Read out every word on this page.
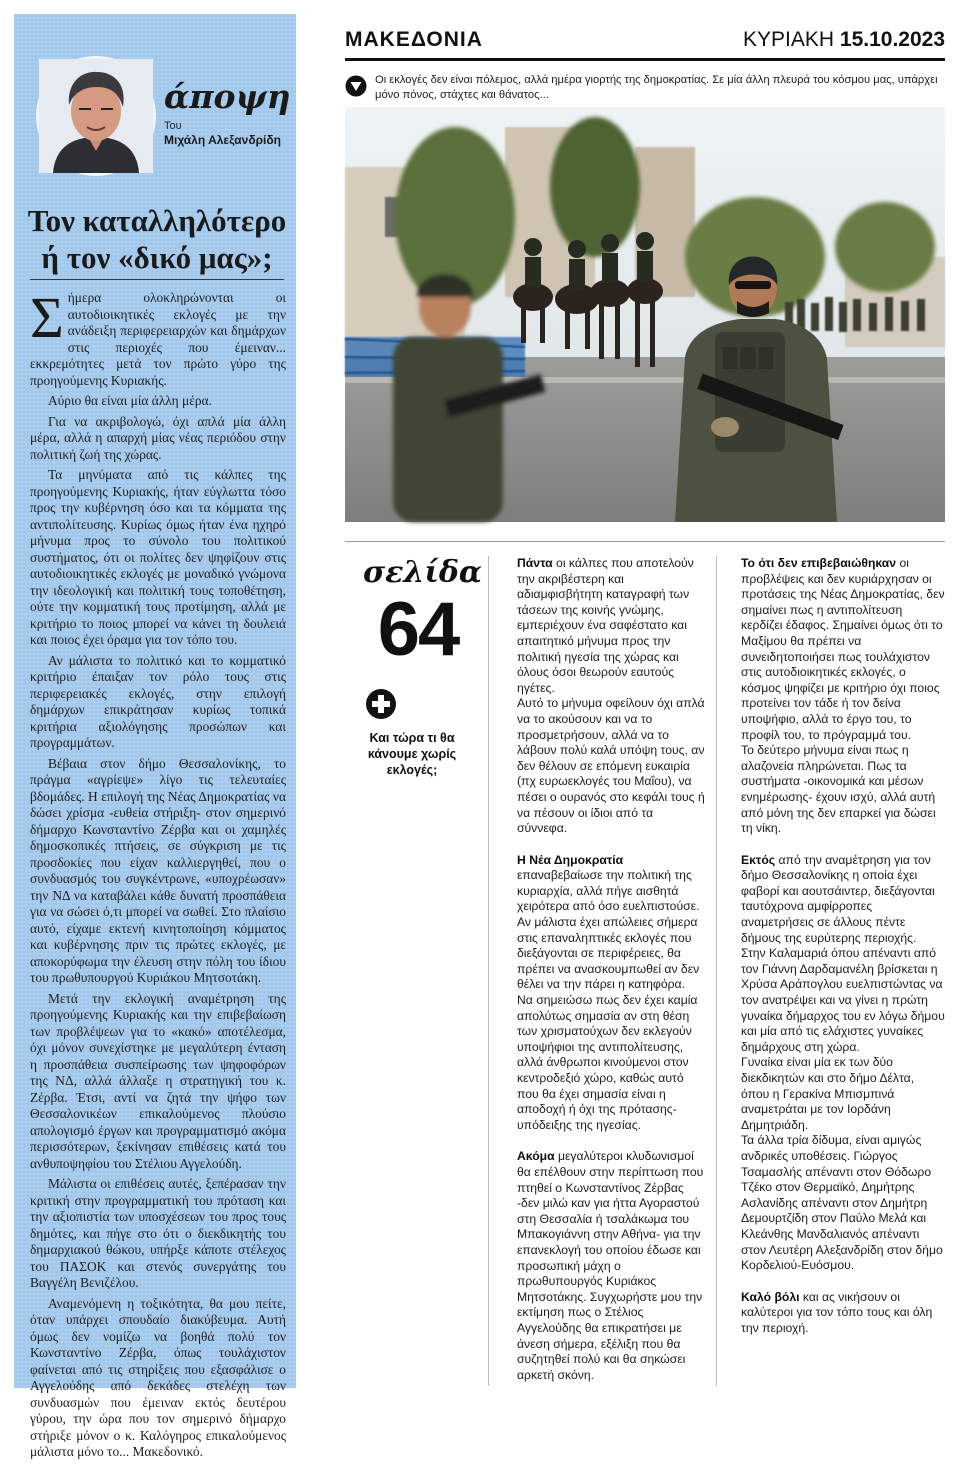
άποψη
Του
Μιχάλη Αλεξανδρίδη
Τον καταλληλότερο
ή τον «δικό μας»;

Σήμερα ολοκληρώνονται οι αυτοδιοικητικές εκλογές με την ανάδειξη περιφερειαρχών και δημάρχων στις περιοχές που έμειναν... εκκρεμότητες μετά τον πρώτο γύρο της προηγούμενης Κυριακής.

Αύριο θα είναι μία άλλη μέρα.

Για να ακριβολογώ, όχι απλά μία άλλη μέρα, αλλά η απαρχή μίας νέας περιόδου στην πολιτική ζωή της χώρας.

Τα μηνύματα από τις κάλπες της προηγούμενης Κυριακής, ήταν εύγλωττα τόσο προς την κυβέρνηση όσο και τα κόμματα της αντιπολίτευσης. Κυρίως όμως ήταν ένα ηχηρό μήνυμα προς το σύνολο του πολιτικού συστήματος, ότι οι πολίτες δεν ψηφίζουν στις αυτοδιοικητικές εκλογές με μοναδικό γνώμονα την ιδεολογική και πολιτική τους τοποθέτηση, ούτε την κομματική τους προτίμηση, αλλά με κριτήριο το ποιος μπορεί να κάνει τη δουλειά και ποιος έχει όραμα για τον τόπο του.

Αν μάλιστα το πολιτικό και το κομματικό κριτήριο έπαιξαν τον ρόλο τους στις περιφερειακές εκλογές, στην επιλογή δημάρχων επικράτησαν κυρίως τοπικά κριτήρια αξιολόγησης προσώπων και προγραμμάτων.

Βέβαια στον δήμο Θεσσαλονίκης, το πράγμα «αγρίεψε» λίγο τις τελευταίες βδομάδες. Η επιλογή της Νέας Δημοκρατίας να δώσει χρίσμα -ευθεία στήριξη- στον σημερινό δήμαρχο Κωνσταντίνο Ζέρβα και οι χαμηλές δημοσκοπικές πτήσεις, σε σύγκριση με τις προσδοκίες που είχαν καλλιεργηθεί, που ο συνδυασμός του συγκέντρωνε, «υποχρέωσαν» την ΝΔ να καταβάλει κάθε δυνατή προσπάθεια για να σώσει ό,τι μπορεί να σωθεί. Στο πλαίσιο αυτό, είχαμε εκτενή κινητοποίηση κόμματος και κυβέρνησης πριν τις πρώτες εκλογές, με αποκορύφωμα την έλευση στην πόλη του ίδιου του πρωθυπουργού Κυριάκου Μητσοτάκη.

Μετά την εκλογική αναμέτρηση της προηγούμενης Κυριακής και την επιβεβαίωση των προβλέψεων για το «κακό» αποτέλεσμα, όχι μόνον συνεχίστηκε με μεγαλύτερη ένταση η προσπάθεια συσπείρωσης των ψηφοφόρων της ΝΔ, αλλά άλλαξε η στρατηγική του κ. Ζέρβα. Έτσι, αντί να ζητά την ψήφο των Θεσσαλονικέων επικαλούμενος πλούσιο απολογισμό έργων και προγραμματισμό ακόμα περισσότερων, ξεκίνησαν επιθέσεις κατά του ανθυποψηφίου του Στέλιου Αγγελούδη.

Μάλιστα οι επιθέσεις αυτές, ξεπέρασαν την κριτική στην προγραμματική του πρόταση και την αξιοπιστία των υποσχέσεων του προς τους δημότες, και πήγε στο ότι ο διεκδικητής του δημαρχιακού θώκου, υπήρξε κάποτε στέλεχος του ΠΑΣΟΚ και στενός συνεργάτης του Βαγγέλη Βενιζέλου.

Αναμενόμενη η τοξικότητα, θα μου πείτε, όταν υπάρχει σπουδαίο διακύβευμα. Αυτή όμως δεν νομίζω να βοηθά πολύ τον Κωνσταντίνο Ζέρβα, όπως τουλάχιστον φαίνεται από τις στηρίξεις που εξασφάλισε ο Αγγελούδης από δεκάδες στελέχη των συνδυασμών που έμειναν εκτός δευτέρου γύρου, την ώρα που τον σημερινό δήμαρχο στήριξε μόνον ο κ. Καλόγηρος επικαλούμενος μάλιστα μόνο το... Μακεδονικό.

ΜΑΚΕΔΟΝΙΑ	ΚΥΡΙΑΚΗ 15.10.2023
Οι εκλογές δεν είναι πόλεμος, αλλά ημέρα γιορτής της δημοκρατίας. Σε μία άλλη πλευρά του κόσμου μας, υπάρχει μόνο πόνος, στάχτες και θάνατος...
σελίδα
64
Και τώρα τι θα κάνουμε χωρίς εκλογές;

Πάντα οι κάλπες που αποτελούν την ακριβέστερη και αδιαμφισβήτητη καταγραφή των τάσεων της κοινής γνώμης, εμπεριέχουν ένα σαφέστατο και απαιτητικό μήνυμα προς την πολιτική ηγεσία της χώρας και όλους όσοι θεωρούν εαυτούς ηγέτες.

Αυτό το μήνυμα οφείλουν όχι απλά να το ακούσουν και να το προσμετρήσουν, αλλά να το λάβουν πολύ καλά υπόψη τους, αν δεν θέλουν σε επόμενη ευκαιρία (πχ ευρωεκλογές του Μαΐου), να πέσει ο ουρανός στο κεφάλι τους ή να πέσουν οι ίδιοι από τα σύννεφα.

Η Νέα Δημοκρατία
επαναβεβαίωσε την πολιτική της κυριαρχία, αλλά πήγε αισθητά χειρότερα από όσο ευελπιστούσε. Αν μάλιστα έχει απώλειες σήμερα στις επαναληπτικές εκλογές που διεξάγονται σε περιφέρειες, θα πρέπει να ανασκουμπωθεί αν δεν θέλει να την πάρει η κατηφόρα.

Να σημειώσω πως δεν έχει καμία απολύτως σημασία αν στη θέση των χρισματούχων δεν εκλεγούν υποψήφιοι της αντιπολίτευσης, αλλά άνθρωποι κινούμενοι στον κεντροδεξιό χώρο, καθώς αυτό που θα έχει σημασία είναι η αποδοχή ή όχι της πρότασης-υπόδειξης της ηγεσίας.

Ακόμα μεγαλύτεροι κλυδωνισμοί θα επέλθουν στην περίπτωση που πτηθεί ο Κωνσταντίνος Ζέρβας -δεν μιλώ καν για ήττα Αγοραστού στη Θεσσαλία ή τσαλάκωμα του Μπακογιάννη στην Αθήνα- για την επανεκλογή του οποίου έδωσε και προσωπική μάχη ο πρωθυπουργός Κυριάκος Μητσοτάκης. Συγχωρήστε μου την εκτίμηση πως ο Στέλιος Αγγελούδης θα επικρατήσει με άνεση σήμερα, εξέλιξη που θα συζητηθεί πολύ και θα σηκώσει αρκετή σκόνη.

Το ότι δεν επιβεβαιώθηκαν οι προβλέψεις και δεν κυριάρχησαν οι προτάσεις της Νέας Δημοκρατίας, δεν σημαίνει πως η αντιπολίτευση κερδίζει έδαφος. Σημαίνει όμως ότι το Μαξίμου θα πρέπει να συνειδητοποιήσει πως τουλάχιστον στις αυτοδιοικητικές εκλογές, ο κόσμος ψηφίζει με κριτήριο όχι ποιος προτείνει τον τάδε ή τον δείνα υποψήφιο, αλλά το έργο του, το προφίλ του, το πρόγραμμά του.

Το δεύτερο μήνυμα είναι πως η αλαζονεία πληρώνεται. Πως τα συστήματα -οικονομικά και μέσων ενημέρωσης- έχουν ισχύ, αλλά αυτή από μόνη της δεν επαρκεί για δώσει τη νίκη.

Εκτός από την αναμέτρηση για τον δήμο Θεσσαλονίκης η οποία έχει φαβορί και αουτσάιντερ, διεξάγονται ταυτόχρονα αμφίρροπες αναμετρήσεις σε άλλους πέντε δήμους της ευρύτερης περιοχής.

Στην Καλαμαριά όπου απέναντι από τον Γιάννη Δαρδαμανέλη βρίσκεται η Χρύσα Αράπογλου ευελπιστώντας να τον ανατρέψει και να γίνει η πρώτη γυναίκα δήμαρχος του εν λόγω δήμου και μία από τις ελάχιστες γυναίκες δημάρχους στη χώρα.

Γυναίκα είναι μία εκ των δύο διεκδικητών και στο δήμο Δέλτα, όπου η Γερακίνα Μπισμπινά αναμετράται με τον Ιορδάνη Δημητριάδη.

Τα άλλα τρία δίδυμα, είναι αμιγώς ανδρικές υποθέσεις. Γιώργος Τσαμασλής απέναντι στον Θόδωρο Τζέκο στον Θερμαϊκό, Δημήτρης Ασλανίδης απέναντι στον Δημήτρη Δεμουρτζίδη στον Παύλο Μελά και Κλεάνθης Μανδαλιανός απέναντι στον Λευτέρη Αλεξανδρίδη στον δήμο Κορδελιού-Ευόσμου.

Καλό βόλι και ας νικήσουν οι καλύτεροι για τον τόπο τους και όλη την περιοχή.
